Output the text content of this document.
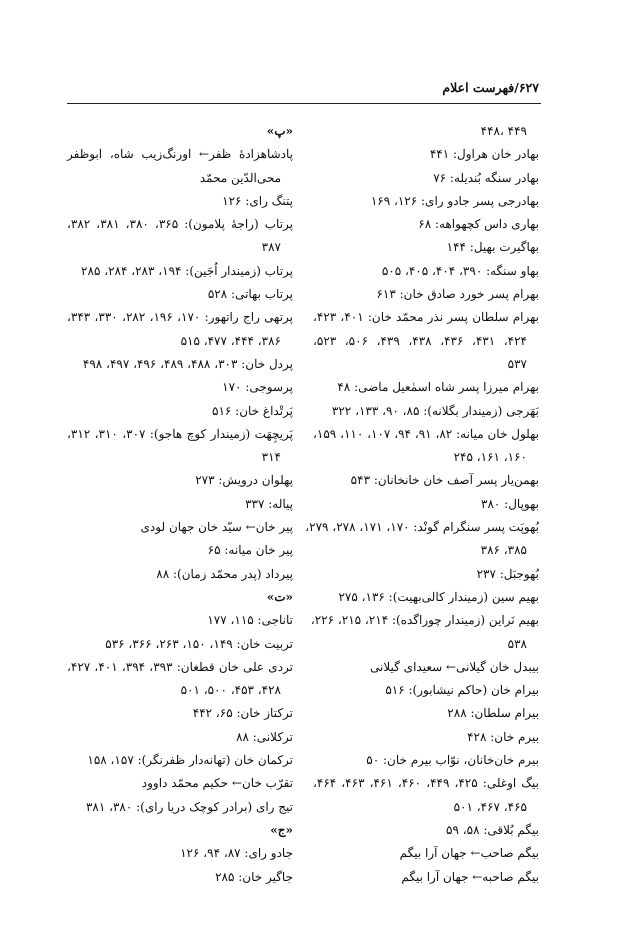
۶۲۷/فهرست اعلام
۴۴۹ ،۴۴۸
بهادر خان هراول: ۴۴۱
بهادر سنگه بُندیله: ۷۶
بهادرجی پسر جادو رای: ۱۲۶، ۱۶۹
بهاری داس کچهواهه: ۶۸
بهاگیرت بهیل: ۱۴۴
بهاو سنگه: ۳۹۰، ۴۰۴، ۴۰۵، ۵۰۵
بهرام پسر خورد صادق خان: ۶۱۳
بهرام سلطان پسر نذر محمّد خان: ۴۰۱، ۴۲۳،
۴۲۴، ۴۳۱، ۴۳۶، ۴۳۸، ۴۳۹، ۵۰۶، ۵۲۳،
۵۳۷
بهرام میرزا پسر شاه اسمٰعیل ماضی: ۴۸
بَهَرجی (زمیندار بگلانه): ۸۵، ۹۰، ۱۳۳، ۳۲۲
بهلول خان میانه: ۸۲، ۹۱، ۹۴، ۱۰۷، ۱۱۰، ۱۵۹،
۱۶۰، ۱۶۱، ۲۴۵
بهمن‌یار پسر آصف خان خانخانان: ۵۴۳
بهوپال: ۳۸۰
بُهوپَت پسر سنگرام گونْد: ۱۷۰، ۱۷۱، ۲۷۸، ۲۷۹،
۳۸۵، ۳۸۶
بُهوجبَل: ۲۳۷
بهیم سین (زمیندار کالی‌بهیت): ۱۳۶، ۲۷۵
بهیم نَراین (زمیندار چوراگده): ۲۱۴، ۲۱۵، ۲۲۶،
۵۳۸
بیبدل خان گیلانی← سعیدای گیلانی
بیرام خان (حاکم نیشابور): ۵۱۶
بیرام سلطان: ۲۸۸
بیرم خان: ۴۲۸
بیرم خان‌خانان، نوّاب بیرم خان: ۵۰
بیگ اوغلی: ۴۲۵، ۴۴۹، ۴۶۰، ۴۶۱، ۴۶۳، ۴۶۴،
۴۶۵، ۴۶۷، ۵۰۱
بیگم بُلاقی: ۵۸، ۵۹
بیگم صاحب← جهان آرا بیگم
بیگم صاحبه← جهان آرا بیگم
«پ»
پادشاهزادهٔ ظفر← اورنگ‌زیب شاه، ابوظفر
محی‌الدّین محمّد
پتنگ رای: ۱۲۶
پرتاب (راجهٔ پلامون): ۳۶۵، ۳۸۰، ۳۸۱، ۳۸۲،
۳۸۷
پرتاب (زمیندار اُجَین): ۱۹۴، ۲۸۳، ۲۸۴، ۲۸۵
پرتاب بهاتی: ۵۲۸
پرتهی راج راتهور: ۱۷۰، ۱۹۶، ۲۸۲، ۳۳۰، ۳۴۳،
۳۸۶، ۴۴۴، ۴۷۷، ۵۱۵
پردل خان: ۳۰۳، ۴۸۸، ۴۸۹، ۴۹۶، ۴۹۷، ۴۹۸
پرسوجی: ۱۷۰
پَرتْداغ خان: ۵۱۶
پَریچِهَت (زمیندار کوچ هاجو): ۳۰۷، ۳۱۰، ۳۱۲،
۳۱۴
پهلوان درویش: ۲۷۳
پیاله: ۳۳۷
پیر خان← سیّد خان جهان لودی
پیر خان میانه: ۶۵
پیرداد (پدر محمّد زمان): ۸۸
«ت»
تاناجی: ۱۱۵، ۱۷۷
تربیت خان: ۱۴۹، ۱۵۰، ۲۶۳، ۳۶۶، ۵۳۶
تردی علی خان قطغان: ۳۹۳، ۳۹۴، ۴۰۱، ۴۲۷،
۴۲۸، ۴۵۳، ۵۰۰، ۵۰۱
ترکتاز خان: ۶۵، ۴۴۲
ترکلانی: ۸۸
ترکمان خان (تهانه‌دار ظفرنگر): ۱۵۷، ۱۵۸
تقرّب خان← حکیم محمّد داوود
تیج رای (برادر کوچک دریا رای): ۳۸۰، ۳۸۱
«ج»
جادو رای: ۸۷، ۹۴، ۱۲۶
جاگیر خان: ۲۸۵
